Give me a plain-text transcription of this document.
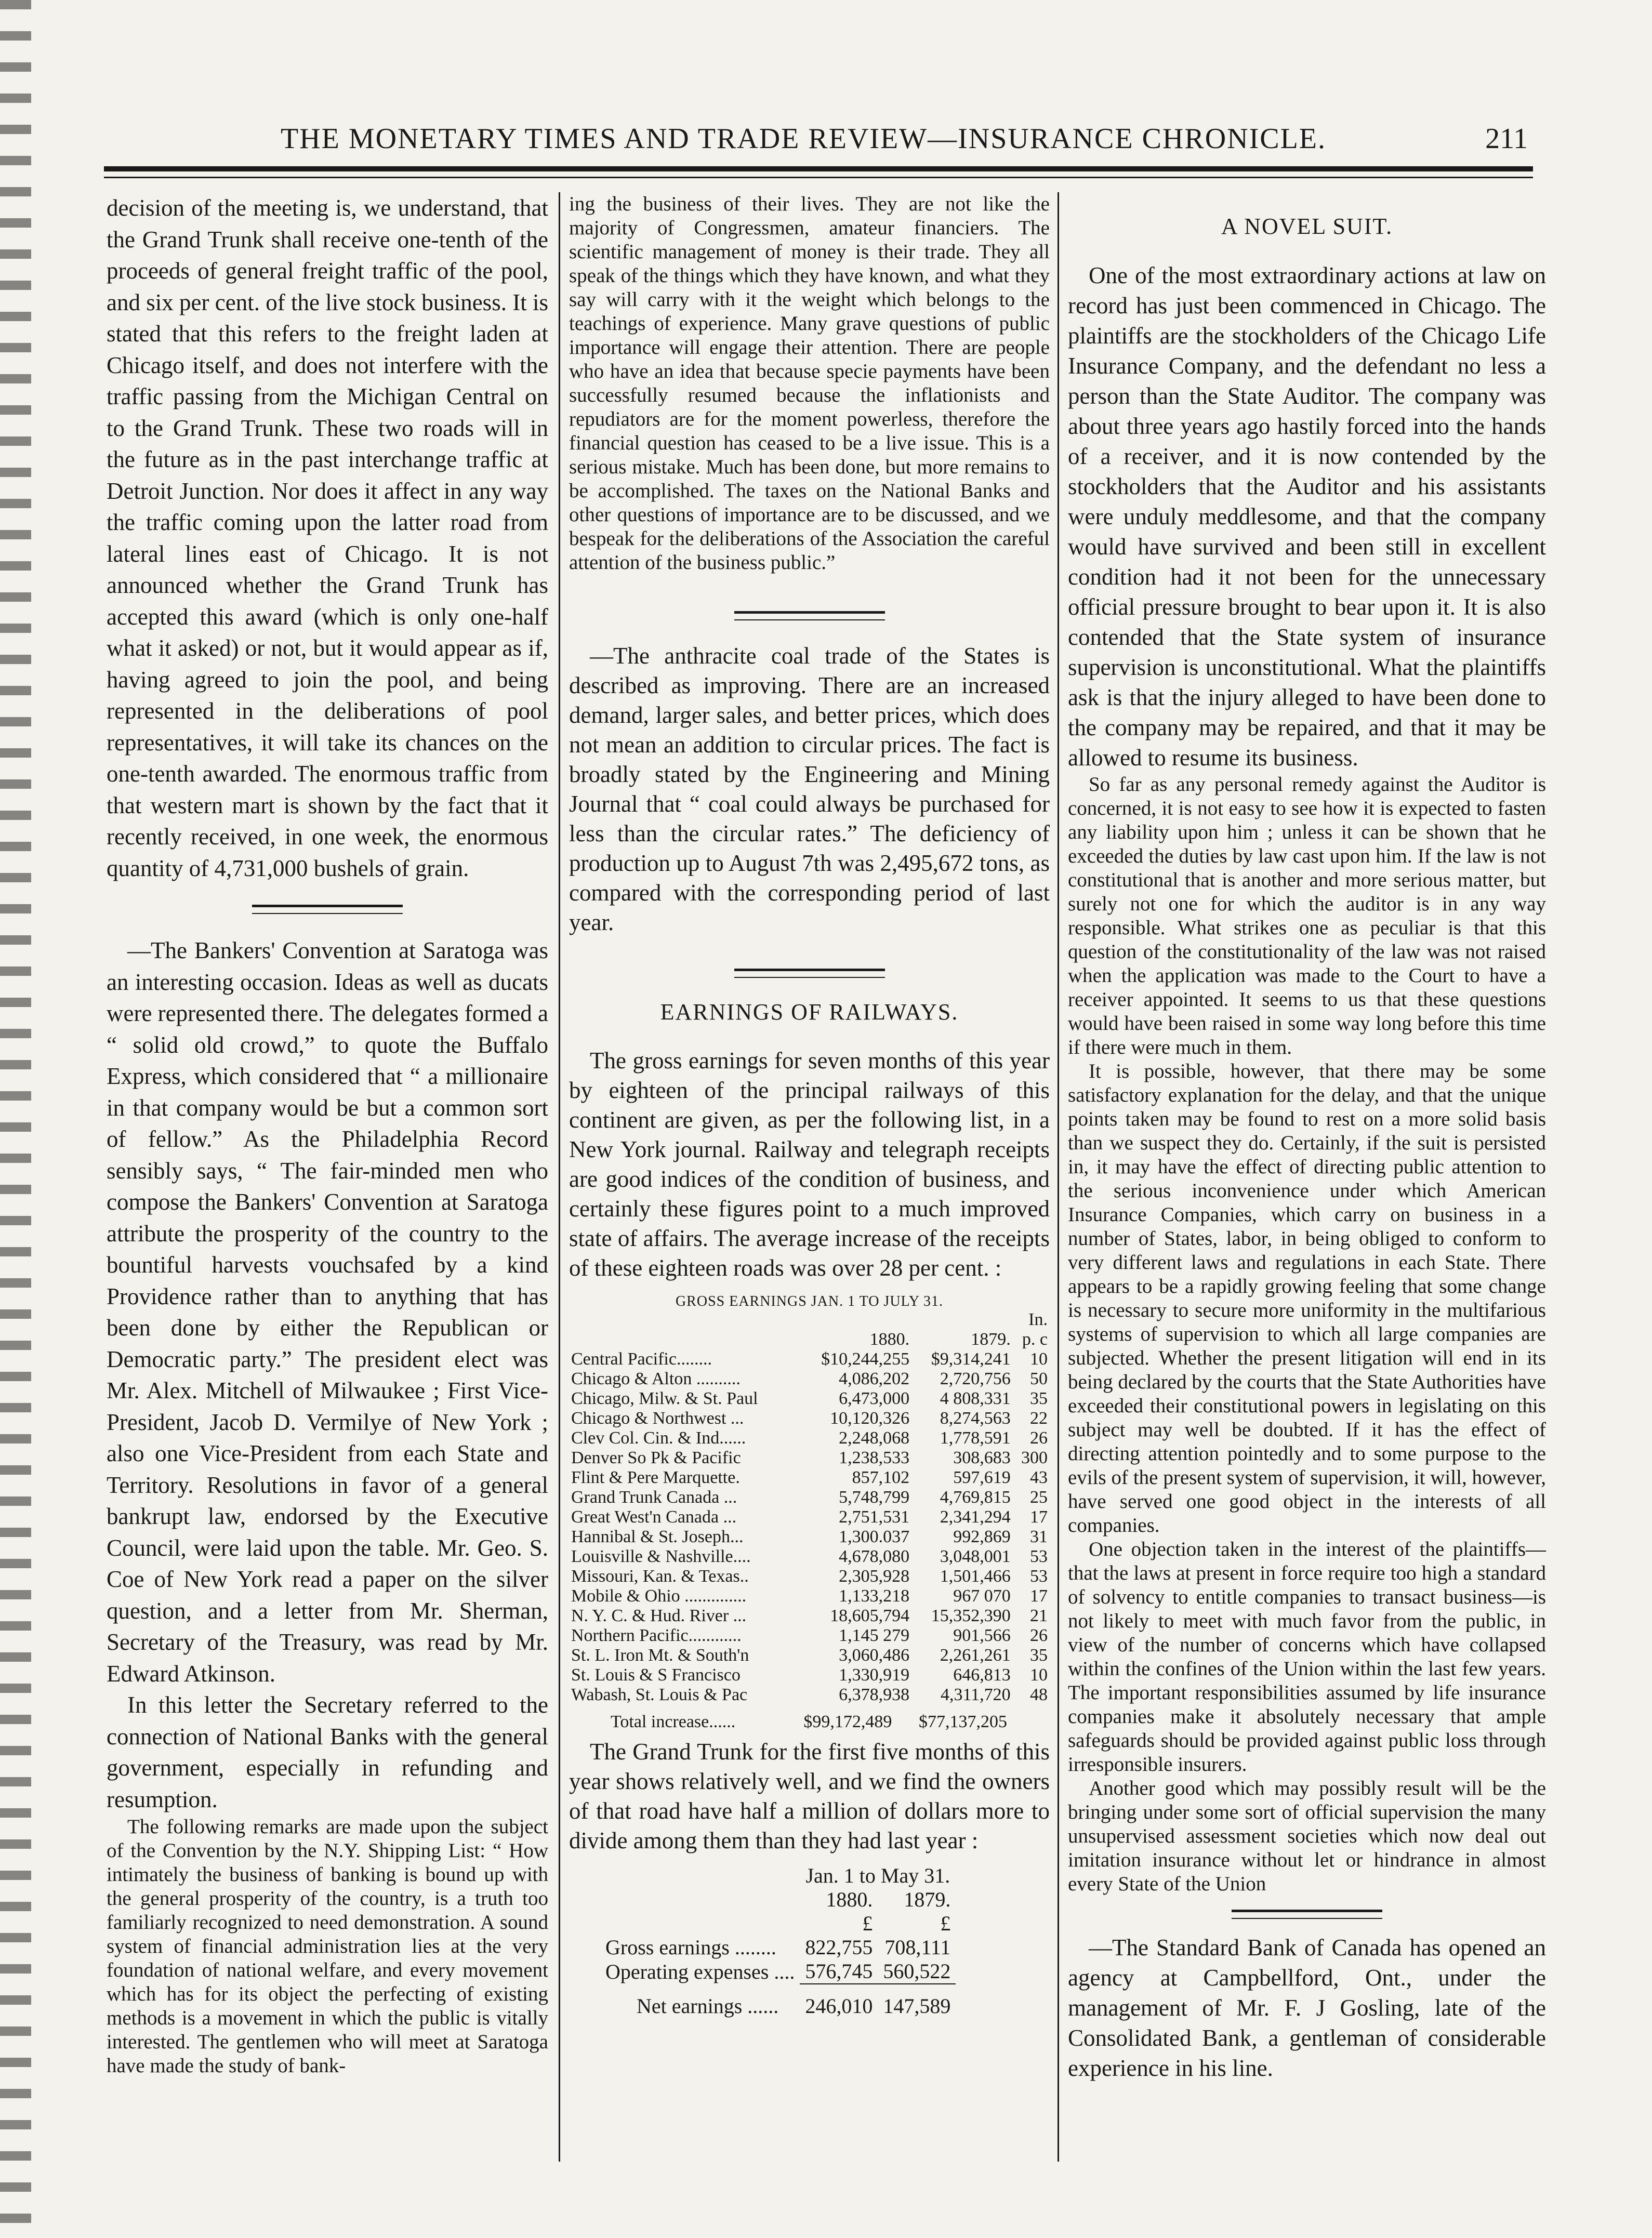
THE MONETARY TIMES AND TRADE REVIEW—INSURANCE CHRONICLE.	211

decision of the meeting is, we understand, that the Grand Trunk shall receive one-tenth of the proceeds of general freight traffic of the pool, and six per cent. of the live stock business. It is stated that this refers to the freight laden at Chicago itself, and does not interfere with the traffic passing from the Michigan Central on to the Grand Trunk. These two roads will in the future as in the past interchange traffic at Detroit Junction. Nor does it affect in any way the traffic coming upon the latter road from lateral lines east of Chicago. It is not announced whether the Grand Trunk has accepted this award (which is only one-half what it asked) or not, but it would appear as if, having agreed to join the pool, and being represented in the deliberations of pool representatives, it will take its chances on the one-tenth awarded. The enormous traffic from that western mart is shown by the fact that it recently received, in one week, the enormous quantity of 4,731,000 bushels of grain.

—The Bankers' Convention at Saratoga was an interesting occasion. Ideas as well as ducats were represented there. The delegates formed a “ solid old crowd,” to quote the Buffalo Express, which considered that “ a millionaire in that company would be but a common sort of fellow.” As the Philadelphia Record sensibly says, “ The fair-minded men who compose the Bankers' Convention at Saratoga attribute the prosperity of the country to the bountiful harvests vouchsafed by a kind Providence rather than to anything that has been done by either the Republican or Democratic party.” The president elect was Mr. Alex. Mitchell of Milwaukee ; First Vice-President, Jacob D. Vermilye of New York ; also one Vice-President from each State and Territory. Resolutions in favor of a general bankrupt law, endorsed by the Executive Council, were laid upon the table. Mr. Geo. S. Coe of New York read a paper on the silver question, and a letter from Mr. Sherman, Secretary of the Treasury, was read by Mr. Edward Atkinson.

In this letter the Secretary referred to the connection of National Banks with the general government, especially in refunding and resumption.

The following remarks are made upon the subject of the Convention by the N.Y. Shipping List: “ How intimately the business of banking is bound up with the general prosperity of the country, is a truth too familiarly recognized to need demonstration. A sound system of financial administration lies at the very foundation of national welfare, and every movement which has for its object the perfecting of existing methods is a movement in which the public is vitally interested. The gentlemen who will meet at Saratoga have made the study of bank-

ing the business of their lives. They are not like the majority of Congressmen, amateur financiers. The scientific management of money is their trade. They all speak of the things which they have known, and what they say will carry with it the weight which belongs to the teachings of experience. Many grave questions of public importance will engage their attention. There are people who have an idea that because specie payments have been successfully resumed because the inflationists and repudiators are for the moment powerless, therefore the financial question has ceased to be a live issue. This is a serious mistake. Much has been done, but more remains to be accomplished. The taxes on the National Banks and other questions of importance are to be discussed, and we bespeak for the deliberations of the Association the careful attention of the business public.”

—The anthracite coal trade of the States is described as improving. There are an increased demand, larger sales, and better prices, which does not mean an addition to circular prices. The fact is broadly stated by the Engineering and Mining Journal that “ coal could always be purchased for less than the circular rates.” The deficiency of production up to August 7th was 2,495,672 tons, as compared with the corresponding period of last year.

EARNINGS OF RAILWAYS.

The gross earnings for seven months of this year by eighteen of the principal railways of this continent are given, as per the following list, in a New York journal. Railway and telegraph receipts are good indices of the condition of business, and certainly these figures point to a much improved state of affairs. The average increase of the receipts of these eighteen roads was over 28 per cent. :

GROSS EARNINGS JAN. 1 TO JULY 31.

			In.
	1880.	1879.	p. c
Central Pacific........	$10,244,255	$9,314,241	10
Chicago & Alton ..........	4,086,202	2,720,756	50
Chicago, Milw. & St. Paul	6,473,000	4 808,331	35
Chicago & Northwest ...	10,120,326	8,274,563	22
Clev Col. Cin. & Ind......	2,248,068	1,778,591	26
Denver So Pk & Pacific	1,238,533	308,683	300
Flint & Pere Marquette.	857,102	597,619	43
Grand Trunk Canada ...	5,748,799	4,769,815	25
Great West'n Canada ...	2,751,531	2,341,294	17
Hannibal & St. Joseph...	1,300.037	992,869	31
Louisville & Nashville....	4,678,080	3,048,001	53
Missouri, Kan. & Texas..	2,305,928	1,501,466	53
Mobile & Ohio ..............	1,133,218	967 070	17
N. Y. C. & Hud. River ...	18,605,794	15,352,390	21
Northern Pacific............	1,145 279	901,566	26
St. L. Iron Mt. & South'n	3,060,486	2,261,261	35
St. Louis & S Francisco	1,330,919	646,813	10
Wabash, St. Louis & Pac	6,378,938	4,311,720	48
Total increase......	$99,172,489	$77,137,205	

The Grand Trunk for the first five months of this year shows relatively well, and we find the owners of that road have half a million of dollars more to divide among them than they had last year :

	Jan. 1 to May 31.	
	1880.	1879.
	£	£
Gross earnings ........	822,755	708,111
Operating expenses ....	576,745	560,522

Net earnings ......	246,010	147,589

A NOVEL SUIT.

One of the most extraordinary actions at law on record has just been commenced in Chicago. The plaintiffs are the stockholders of the Chicago Life Insurance Company, and the defendant no less a person than the State Auditor. The company was about three years ago hastily forced into the hands of a receiver, and it is now contended by the stockholders that the Auditor and his assistants were unduly meddlesome, and that the company would have survived and been still in excellent condition had it not been for the unnecessary official pressure brought to bear upon it. It is also contended that the State system of insurance supervision is unconstitutional. What the plaintiffs ask is that the injury alleged to have been done to the company may be repaired, and that it may be allowed to resume its business.

So far as any personal remedy against the Auditor is concerned, it is not easy to see how it is expected to fasten any liability upon him ; unless it can be shown that he exceeded the duties by law cast upon him. If the law is not constitutional that is another and more serious matter, but surely not one for which the auditor is in any way responsible. What strikes one as peculiar is that this question of the constitutionality of the law was not raised when the application was made to the Court to have a receiver appointed. It seems to us that these questions would have been raised in some way long before this time if there were much in them.

It is possible, however, that there may be some satisfactory explanation for the delay, and that the unique points taken may be found to rest on a more solid basis than we suspect they do. Certainly, if the suit is persisted in, it may have the effect of directing public attention to the serious inconvenience under which American Insurance Companies, which carry on business in a number of States, labor, in being obliged to conform to very different laws and regulations in each State. There appears to be a rapidly growing feeling that some change is necessary to secure more uniformity in the multifarious systems of supervision to which all large companies are subjected. Whether the present litigation will end in its being declared by the courts that the State Authorities have exceeded their constitutional powers in legislating on this subject may well be doubted. If it has the effect of directing attention pointedly and to some purpose to the evils of the present system of supervision, it will, however, have served one good object in the interests of all companies.

One objection taken in the interest of the plaintiffs—that the laws at present in force require too high a standard of solvency to entitle companies to transact business—is not likely to meet with much favor from the public, in view of the number of concerns which have collapsed within the confines of the Union within the last few years. The important responsibilities assumed by life insurance companies make it absolutely necessary that ample safeguards should be provided against public loss through irresponsible insurers.

Another good which may possibly result will be the bringing under some sort of official supervision the many unsupervised assessment societies which now deal out imitation insurance without let or hindrance in almost every State of the Union

—The Standard Bank of Canada has opened an agency at Campbellford, Ont., under the management of Mr. F. J Gosling, late of the Consolidated Bank, a gentleman of considerable experience in his line.
